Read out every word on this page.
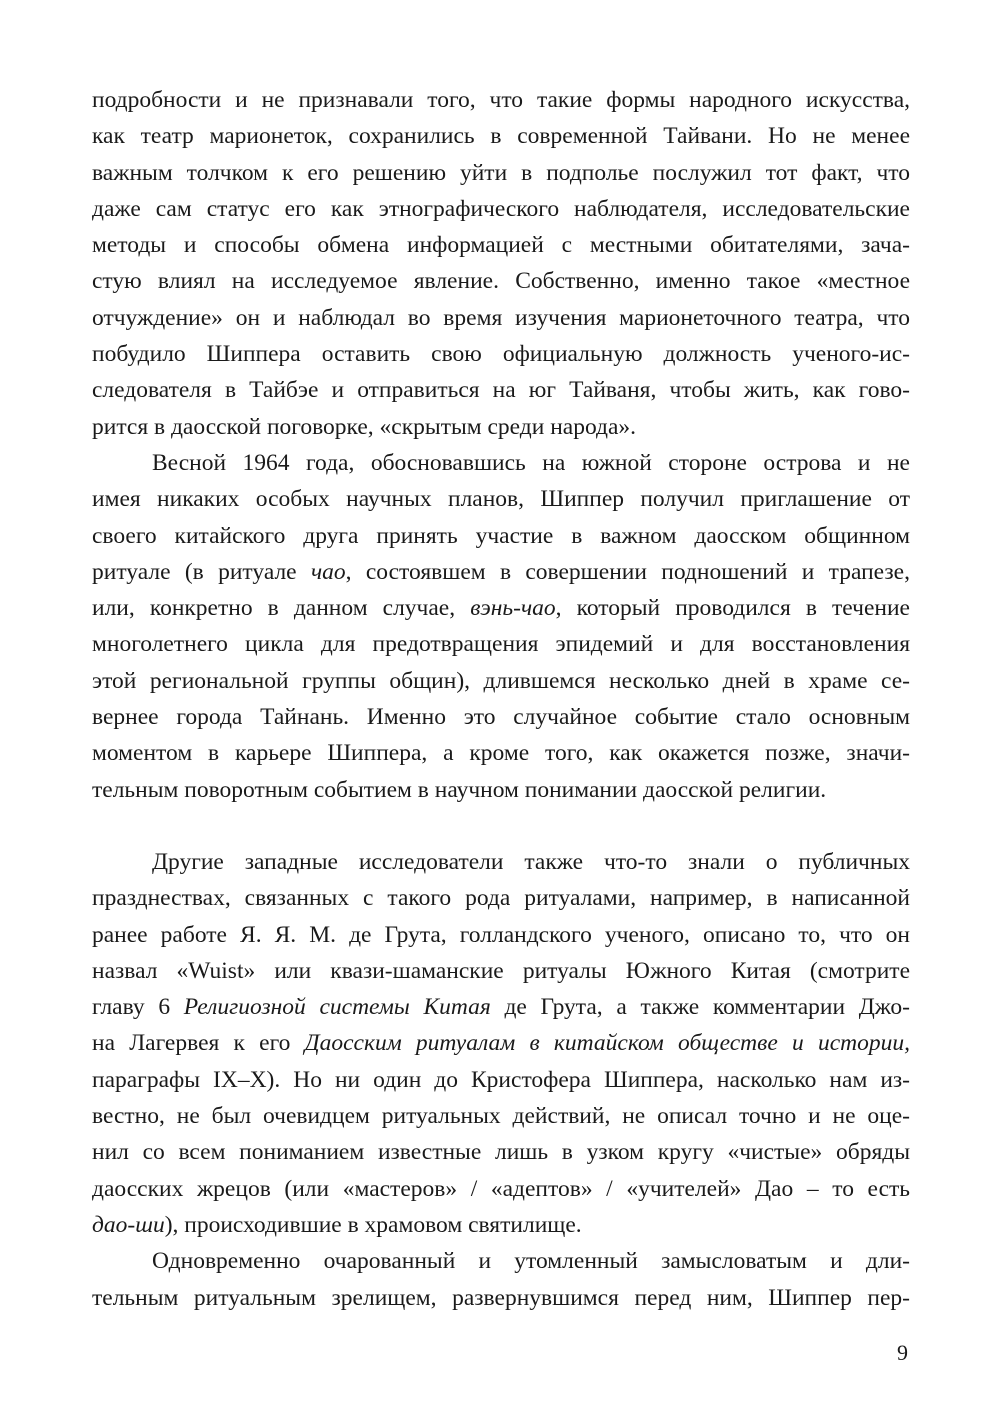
подробности и не признавали того, что такие формы народного искусства,
как театр марионеток, сохранились в современной Тайвани. Но не менее
важным толчком к его решению уйти в подполье послужил тот факт, что
даже сам статус его как этнографического наблюдателя, исследовательские
методы и способы обмена информацией с местными обитателями, зача-
стую влиял на исследуемое явление. Собственно, именно такое «местное
отчуждение» он и наблюдал во время изучения марионеточного театра, что
побудило Шиппера оставить свою официальную должность ученого-ис-
следователя в Тайбэе и отправиться на юг Тайваня, чтобы жить, как гово-
рится в даосской поговорке, «скрытым среди народа».
Весной 1964 года, обосновавшись на южной стороне острова и не
имея никаких особых научных планов, Шиппер получил приглашение от
своего китайского друга принять участие в важном даосском общинном
ритуале (в ритуале чао, состоявшем в совершении подношений и трапезе,
или, конкретно в данном случае, вэнь-чао, который проводился в течение
многолетнего цикла для предотвращения эпидемий и для восстановления
этой региональной группы общин), длившемся несколько дней в храме се-
вернее города Тайнань. Именно это случайное событие стало основным
моментом в карьере Шиппера, а кроме того, как окажется позже, значи-
тельным поворотным событием в научном понимании даосской религии.
Другие западные исследователи также что-то знали о публичных
празднествах, связанных с такого рода ритуалами, например, в написанной
ранее работе Я. Я. М. де Грута, голландского ученого, описано то, что он
назвал «Wuist» или квази-шаманские ритуалы Южного Китая (смотрите
главу 6 Религиозной системы Китая де Грута, а также комментарии Джо-
на Лагервея к его Даосским ритуалам в китайском обществе и истории,
параграфы IX–X). Но ни один до Кристофера Шиппера, насколько нам из-
вестно, не был очевидцем ритуальных действий, не описал точно и не оце-
нил со всем пониманием известные лишь в узком кругу «чистые» обряды
даосских жрецов (или «мастеров» / «адептов» / «учителей» Дао – то есть
дао-ши), происходившие в храмовом святилище.
Одновременно очарованный и утомленный замысловатым и дли-
тельным ритуальным зрелищем, развернувшимся перед ним, Шиппер пер-
9
